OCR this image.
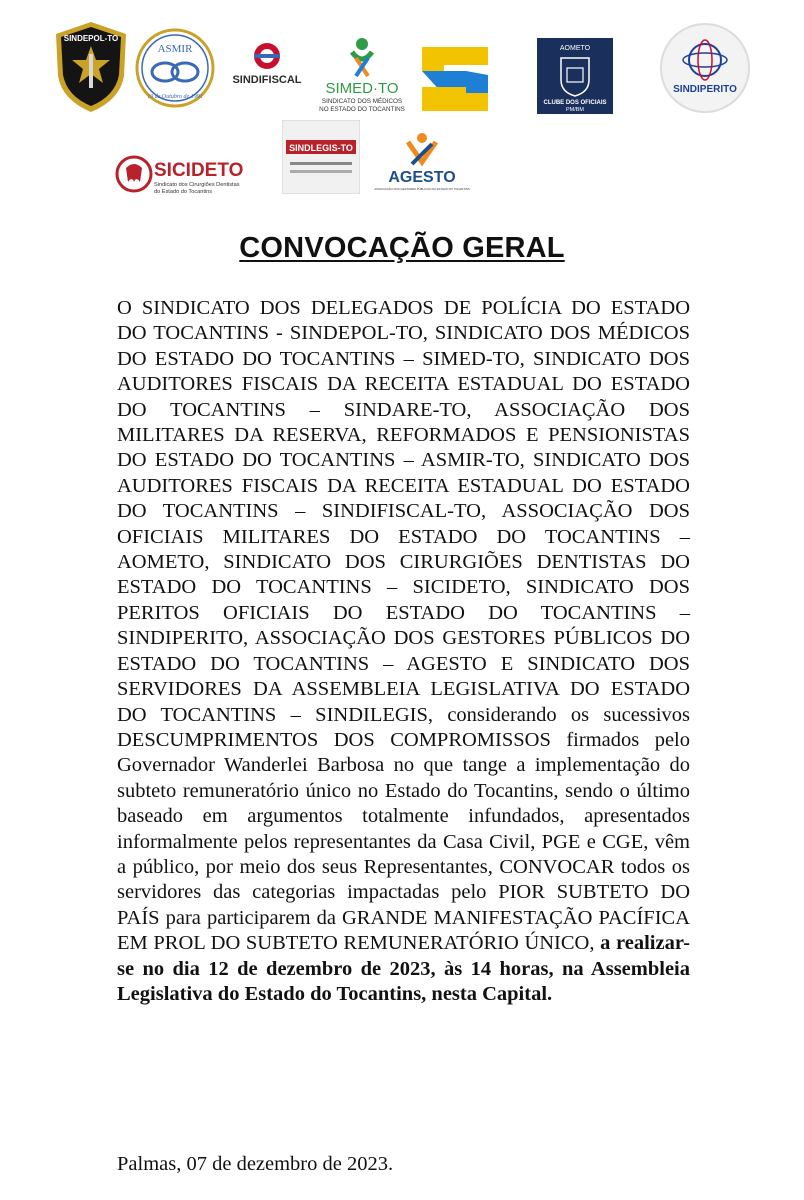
SINDEPOL-TO
ASMIR
10 de Outubro de 1991
SINDIFISCAL SIMED·TO
SINDICATO DOS MÉDICOS
NO ESTADO DO TOCANTINS
AOMETO
CLUBE DOS OFICIAIS
PM/BM
SINDIPERITO
SICIDETO
Sindicato dos Cirurgiões Dentistas
do Estado do Tocantins
SINDLEGIS-TO
AGESTO
ASSOCIAÇÃO DOS GESTORES PÚBLICOS DO ESTADO DO TOCANTINS
CONVOCAÇÃO GERAL
O SINDICATO DOS DELEGADOS DE POLÍCIA DO ESTADO DO TOCANTINS - SINDEPOL-TO, SINDICATO DOS MÉDICOS DO ESTADO DO TOCANTINS – SIMED-TO, SINDICATO DOS AUDITORES FISCAIS DA RECEITA ESTADUAL DO ESTADO DO TOCANTINS – SINDARE-TO, ASSOCIAÇÃO DOS MILITARES DA RESERVA, REFORMADOS E PENSIONISTAS DO ESTADO DO TOCANTINS – ASMIR-TO, SINDICATO DOS AUDITORES FISCAIS DA RECEITA ESTADUAL DO ESTADO DO TOCANTINS – SINDIFISCAL-TO, ASSOCIAÇÃO DOS OFICIAIS MILITARES DO ESTADO DO TOCANTINS – AOMETO, SINDICATO DOS CIRURGIÕES DENTISTAS DO ESTADO DO TOCANTINS – SICIDETO, SINDICATO DOS PERITOS OFICIAIS DO ESTADO DO TOCANTINS – SINDIPERITO, ASSOCIAÇÃO DOS GESTORES PÚBLICOS DO ESTADO DO TOCANTINS – AGESTO E SINDICATO DOS SERVIDORES DA ASSEMBLEIA LEGISLATIVA DO ESTADO DO TOCANTINS – SINDILEGIS, considerando os sucessivos DESCUMPRIMENTOS DOS COMPROMISSOS firmados pelo Governador Wanderlei Barbosa no que tange a implementação do subteto remuneratório único no Estado do Tocantins, sendo o último baseado em argumentos totalmente infundados, apresentados informalmente pelos representantes da Casa Civil, PGE e CGE, vêm a público, por meio dos seus Representantes, CONVOCAR todos os servidores das categorias impactadas pelo PIOR SUBTETO DO PAÍS para participarem da GRANDE MANIFESTAÇÃO PACÍFICA EM PROL DO SUBTETO REMUNERATÓRIO ÚNICO, a realizar-se no dia 12 de dezembro de 2023, às 14 horas, na Assembleia Legislativa do Estado do Tocantins, nesta Capital.
Palmas, 07 de dezembro de 2023.
